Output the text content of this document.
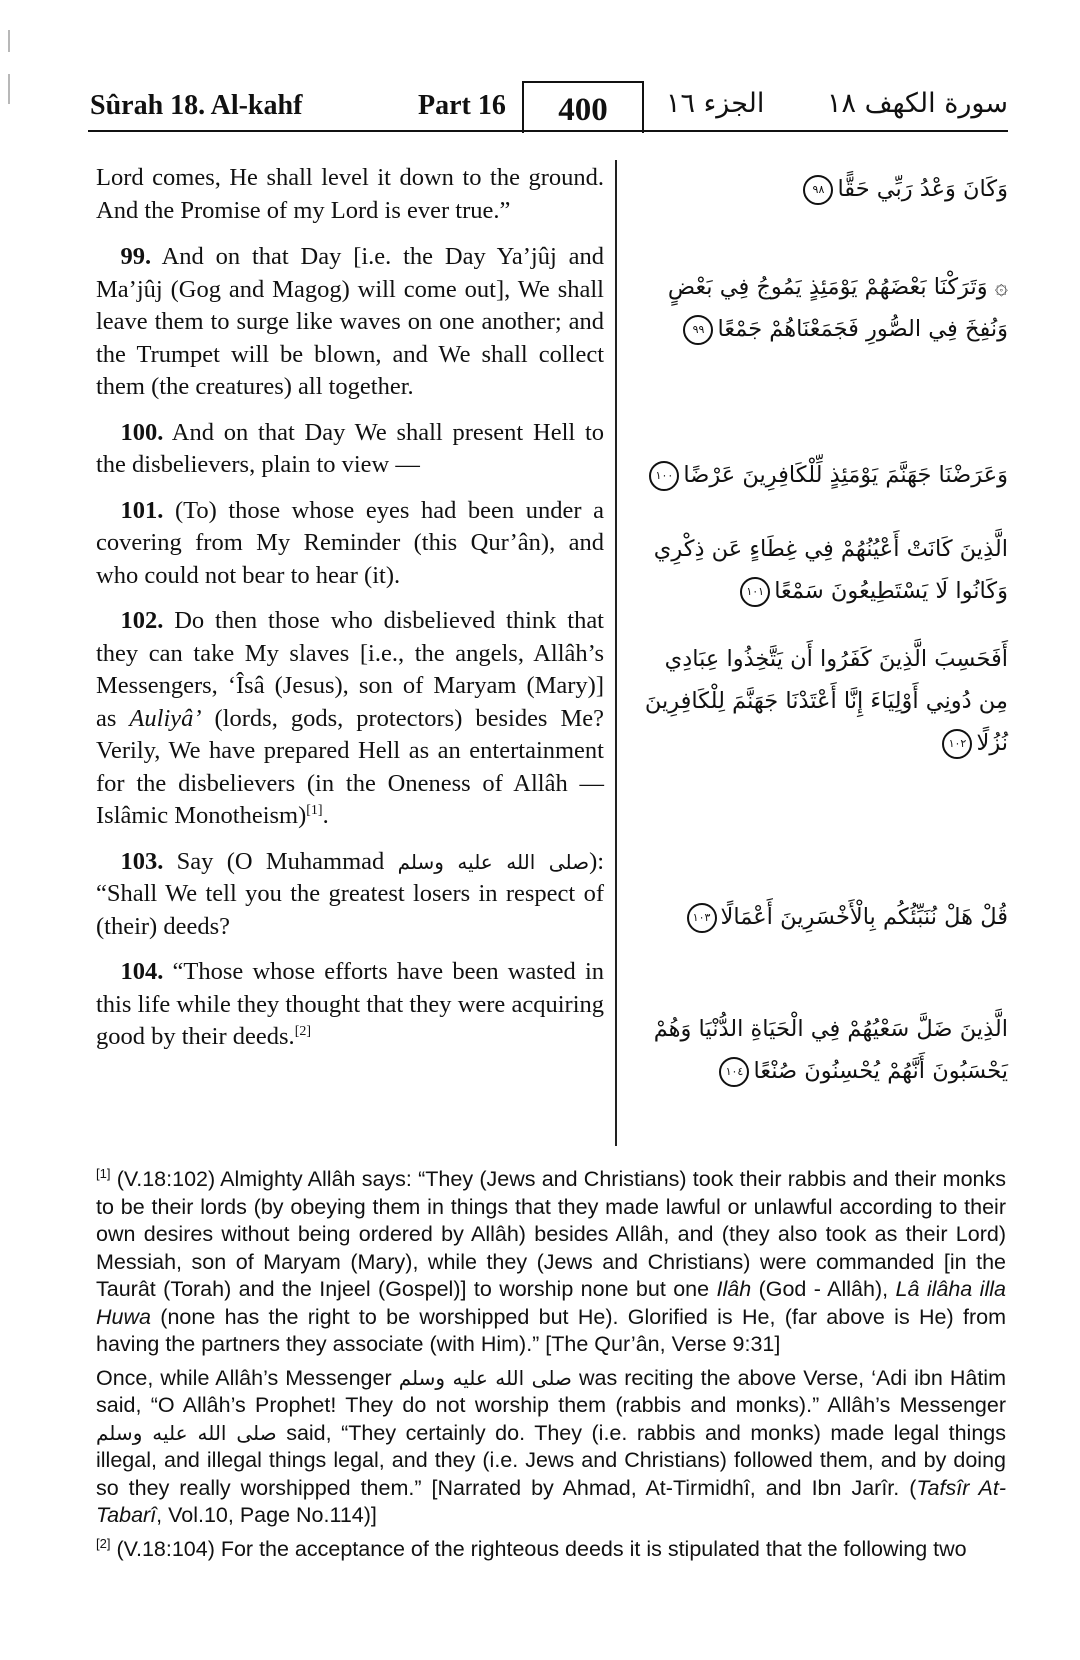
Sûrah 18. Al-kahf	Part 16	400	الجزء ١٦ سورة الكهف ١٨

Lord comes, He shall level it down to the ground. And the Promise of my Lord is ever true.”

 99. And on that Day [i.e. the Day Ya’jûj and Ma’jûj (Gog and Magog) will come out], We shall leave them to surge like waves on one another; and the Trumpet will be blown, and We shall collect them (the creatures) all together.

 100. And on that Day We shall present Hell to the disbelievers, plain to view —

 101. (To) those whose eyes had been under a covering from My Reminder (this Qur’ân), and who could not bear to hear (it).

 102. Do then those who disbelieved think that they can take My slaves [i.e., the angels, Allâh’s Messengers, ‘Îsâ (Jesus), son of Maryam (Mary)] as Auliyâ’ (lords, gods, protectors) besides Me? Verily, We have prepared Hell as an entertainment for the disbelievers (in the Oneness of Allâh — Islâmic Monotheism)[1].

 103. Say (O Muhammad صلى الله عليه وسلم): “Shall We tell you the greatest losers in respect of (their) deeds?

 104. “Those whose efforts have been wasted in this life while they thought that they were acquiring good by their deeds.[2]

وَكَانَ وَعْدُ رَبِّي حَقًّا٩٨
۞ وَتَرَكْنَا بَعْضَهُمْ يَوْمَئِذٍ يَمُوجُ فِي بَعْضٍ وَنُفِخَ فِي الصُّورِ فَجَمَعْنَاهُمْ جَمْعًا٩٩
وَعَرَضْنَا جَهَنَّمَ يَوْمَئِذٍ لِّلْكَافِرِينَ عَرْضًا١٠٠
الَّذِينَ كَانَتْ أَعْيُنُهُمْ فِي غِطَاءٍ عَن ذِكْرِي وَكَانُوا لَا يَسْتَطِيعُونَ سَمْعًا١٠١
أَفَحَسِبَ الَّذِينَ كَفَرُوا أَن يَتَّخِذُوا عِبَادِي مِن دُونِي أَوْلِيَاءَ إِنَّا أَعْتَدْنَا جَهَنَّمَ لِلْكَافِرِينَ نُزُلًا١٠٢
قُلْ هَلْ نُنَبِّئُكُم بِالْأَخْسَرِينَ أَعْمَالًا١٠٣
الَّذِينَ ضَلَّ سَعْيُهُمْ فِي الْحَيَاةِ الدُّنْيَا وَهُمْ يَحْسَبُونَ أَنَّهُمْ يُحْسِنُونَ صُنْعًا١٠٤

[1] (V.18:102) Almighty Allâh says: “They (Jews and Christians) took their rabbis and their monks to be their lords (by obeying them in things that they made lawful or unlawful according to their own desires without being ordered by Allâh) besides Allâh, and (they also took as their Lord) Messiah, son of Maryam (Mary), while they (Jews and Christians) were commanded [in the Taurât (Torah) and the Injeel (Gospel)] to worship none but one Ilâh (God - Allâh), Lâ ilâha illa Huwa (none has the right to be worshipped but He). Glorified is He, (far above is He) from having the partners they associate (with Him).” [The Qur’ân, Verse 9:31]

Once, while Allâh’s Messenger صلى الله عليه وسلم was reciting the above Verse, ‘Adi ibn Hâtim said, “O Allâh’s Prophet! They do not worship them (rabbis and monks).” Allâh’s Messenger صلى الله عليه وسلم said, “They certainly do. They (i.e. rabbis and monks) made legal things illegal, and illegal things legal, and they (i.e. Jews and Christians) followed them, and by doing so they really worshipped them.” [Narrated by Ahmad, At-Tirmidhî, and Ibn Jarîr. (Tafsîr At-Tabarî, Vol.10, Page No.114)]

[2] (V.18:104) For the acceptance of the righteous deeds it is stipulated that the following two
